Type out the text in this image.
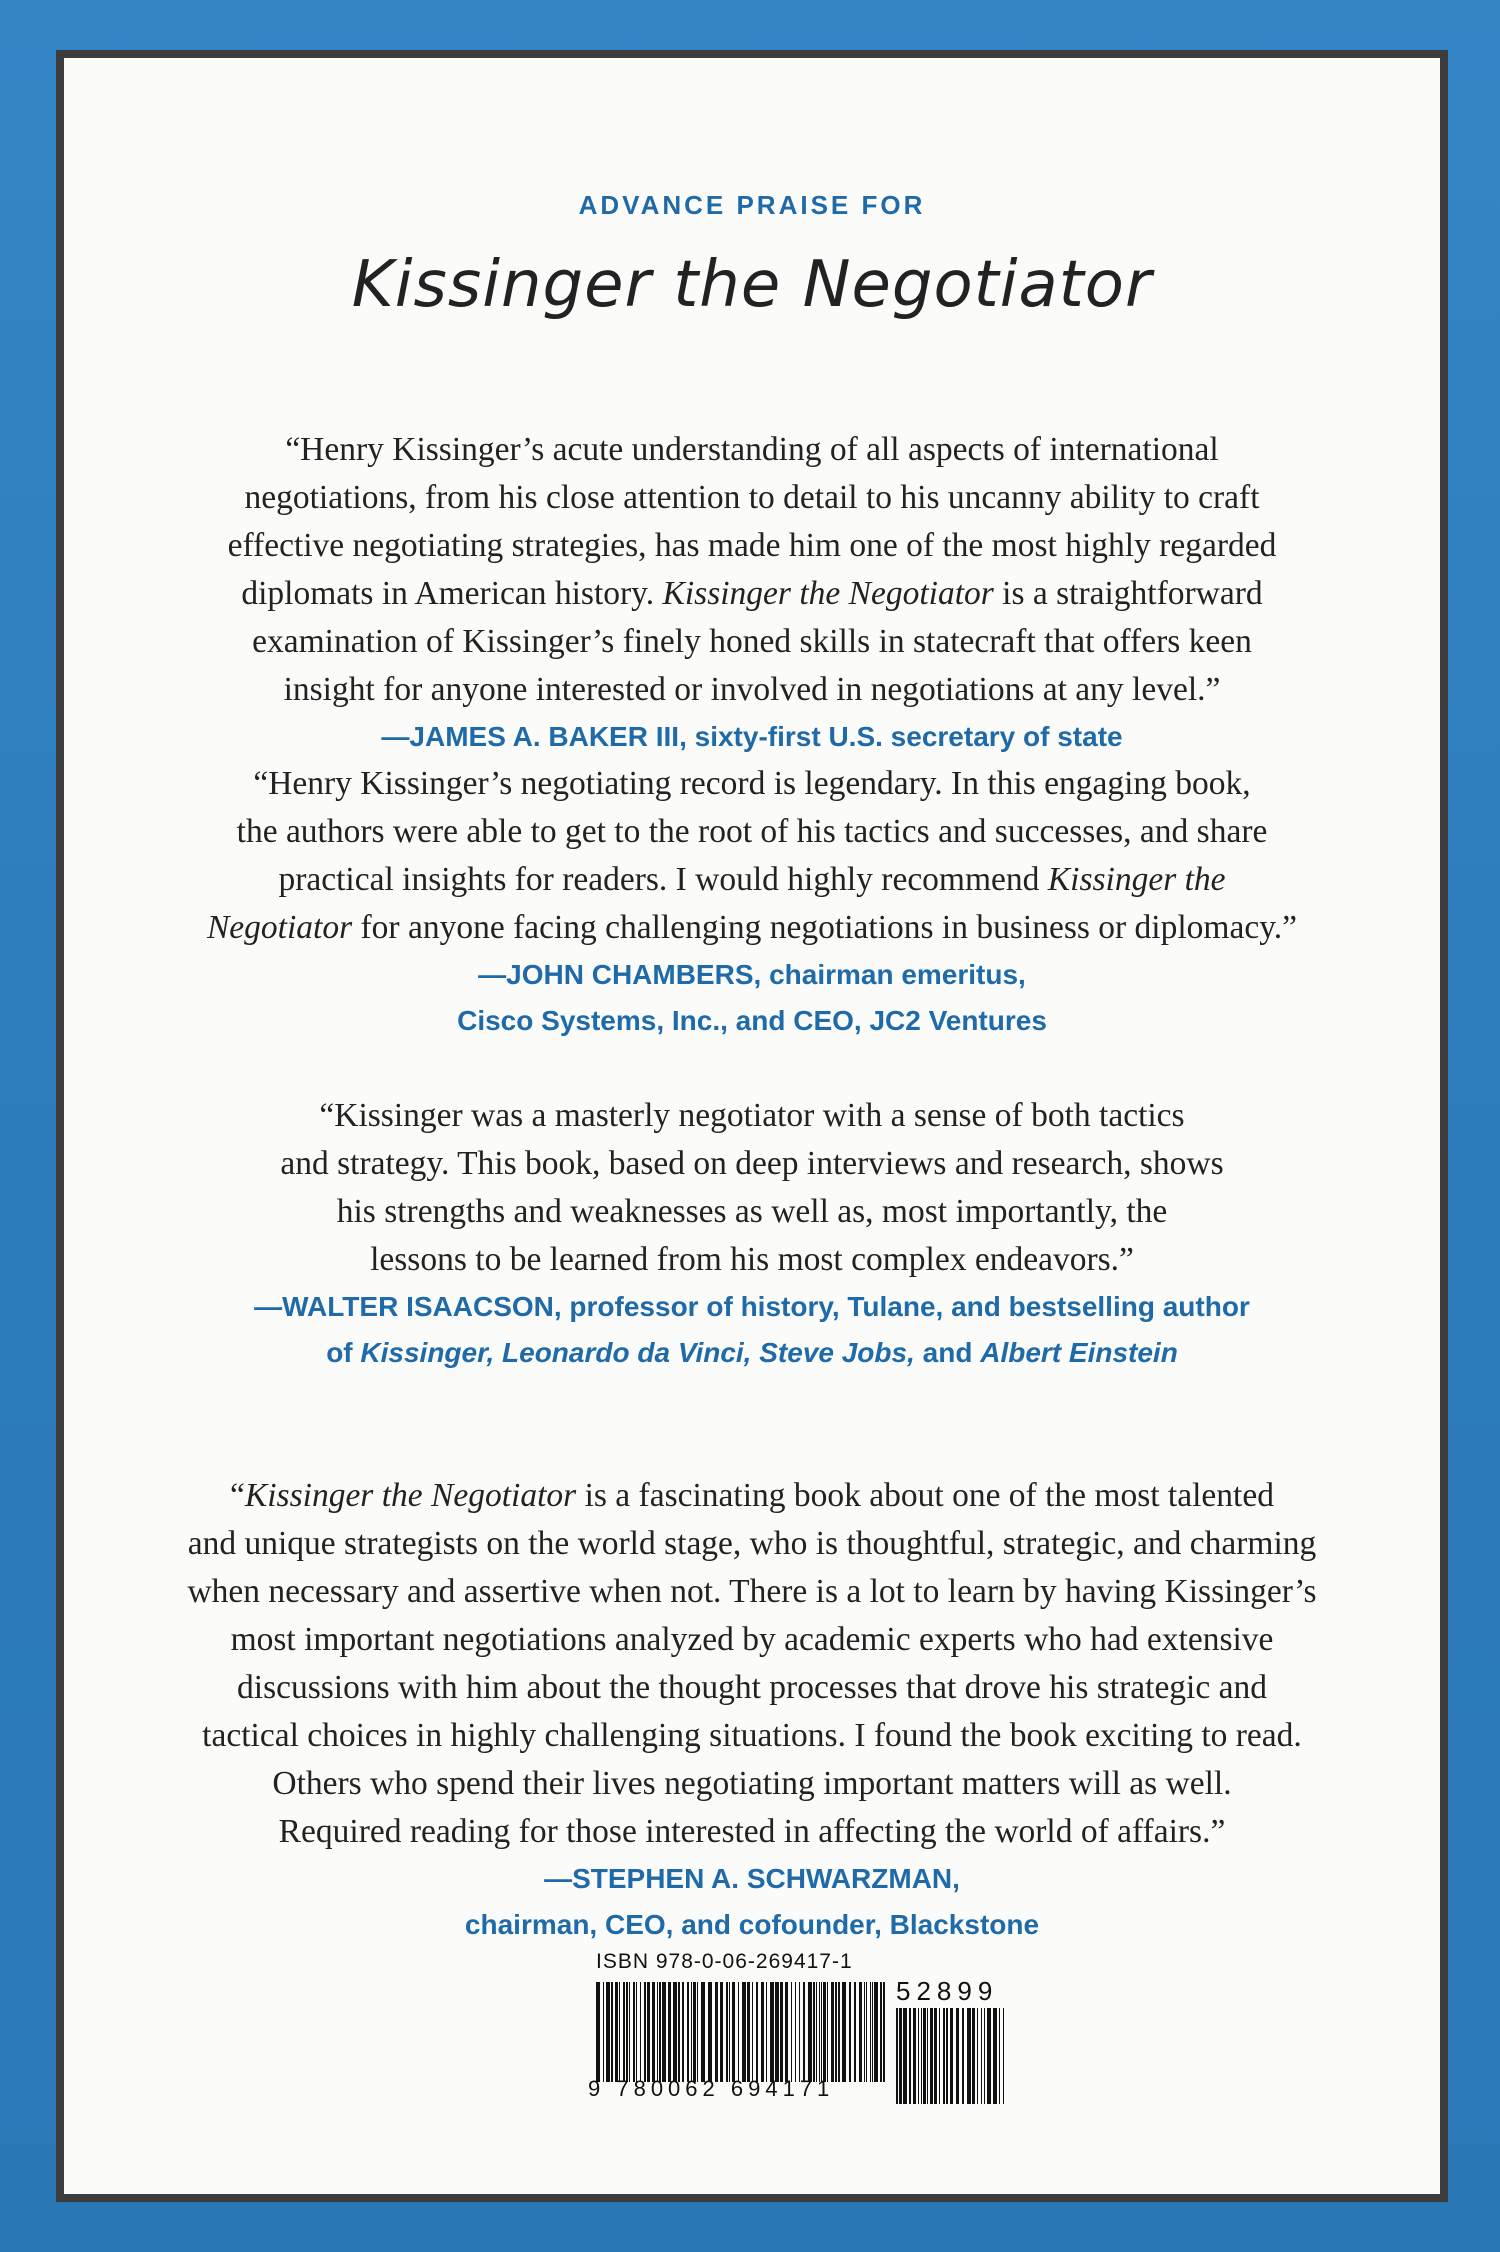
ADVANCE PRAISE FOR
Kissinger the Negotiator
“Henry Kissinger’s acute understanding of all aspects of international
negotiations, from his close attention to detail to his uncanny ability to craft
effective negotiating strategies, has made him one of the most highly regarded
diplomats in American history. Kissinger the Negotiator is a straightforward
examination of Kissinger’s finely honed skills in statecraft that offers keen
insight for anyone interested or involved in negotiations at any level.”
—JAMES A. BAKER III, sixty-first U.S. secretary of state
“Henry Kissinger’s negotiating record is legendary. In this engaging book,
the authors were able to get to the root of his tactics and successes, and share
practical insights for readers. I would highly recommend Kissinger the
Negotiator for anyone facing challenging negotiations in business or diplomacy.”
—JOHN CHAMBERS, chairman emeritus,
Cisco Systems, Inc., and CEO, JC2 Ventures
“Kissinger was a masterly negotiator with a sense of both tactics
and strategy. This book, based on deep interviews and research, shows
his strengths and weaknesses as well as, most importantly, the
lessons to be learned from his most complex endeavors.”
—WALTER ISAACSON, professor of history, Tulane, and bestselling author
of Kissinger, Leonardo da Vinci, Steve Jobs, and Albert Einstein
“Kissinger the Negotiator is a fascinating book about one of the most talented
and unique strategists on the world stage, who is thoughtful, strategic, and charming
when necessary and assertive when not. There is a lot to learn by having Kissinger’s
most important negotiations analyzed by academic experts who had extensive
discussions with him about the thought processes that drove his strategic and
tactical choices in highly challenging situations. I found the book exciting to read.
Others who spend their lives negotiating important matters will as well.
Required reading for those interested in affecting the world of affairs.”
—STEPHEN A. SCHWARZMAN,
chairman, CEO, and cofounder, Blackstone
ISBN 978-0-06-269417-1
9 780062 694171
52899
